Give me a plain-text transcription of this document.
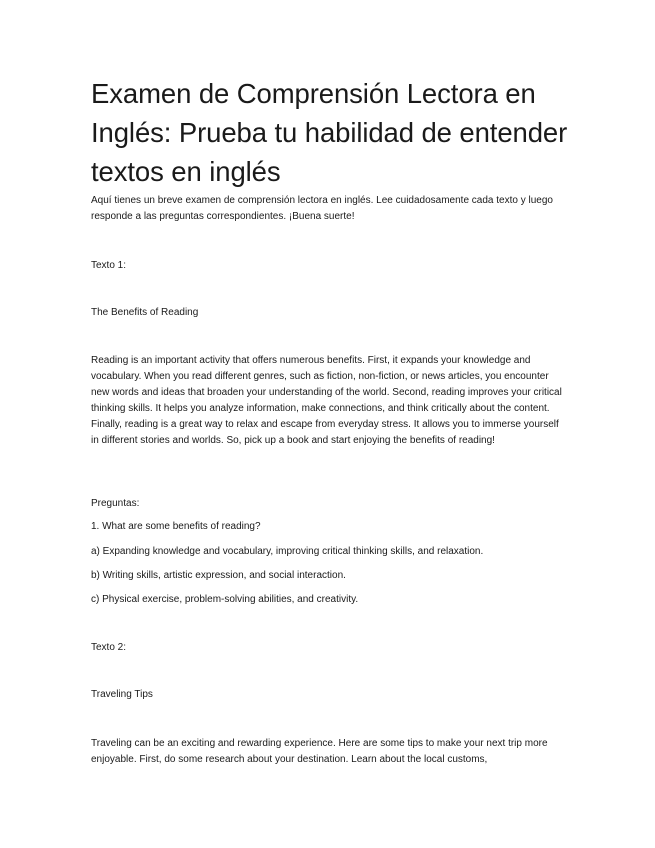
Examen de Comprensión Lectora en Inglés: Prueba tu habilidad de entender textos en inglés

Aquí tienes un breve examen de comprensión lectora en inglés. Lee cuidadosamente cada texto y luego responde a las preguntas correspondientes. ¡Buena suerte!

Texto 1:

The Benefits of Reading

Reading is an important activity that offers numerous benefits. First, it expands your knowledge and vocabulary. When you read different genres, such as fiction, non-fiction, or news articles, you encounter new words and ideas that broaden your understanding of the world. Second, reading improves your critical thinking skills. It helps you analyze information, make connections, and think critically about the content. Finally, reading is a great way to relax and escape from everyday stress. It allows you to immerse yourself in different stories and worlds. So, pick up a book and start enjoying the benefits of reading!

Preguntas:

1. What are some benefits of reading?

a) Expanding knowledge and vocabulary, improving critical thinking skills, and relaxation.

b) Writing skills, artistic expression, and social interaction.

c) Physical exercise, problem-solving abilities, and creativity.

Texto 2:

Traveling Tips

Traveling can be an exciting and rewarding experience. Here are some tips to make your next trip more enjoyable. First, do some research about your destination. Learn about the local customs,
